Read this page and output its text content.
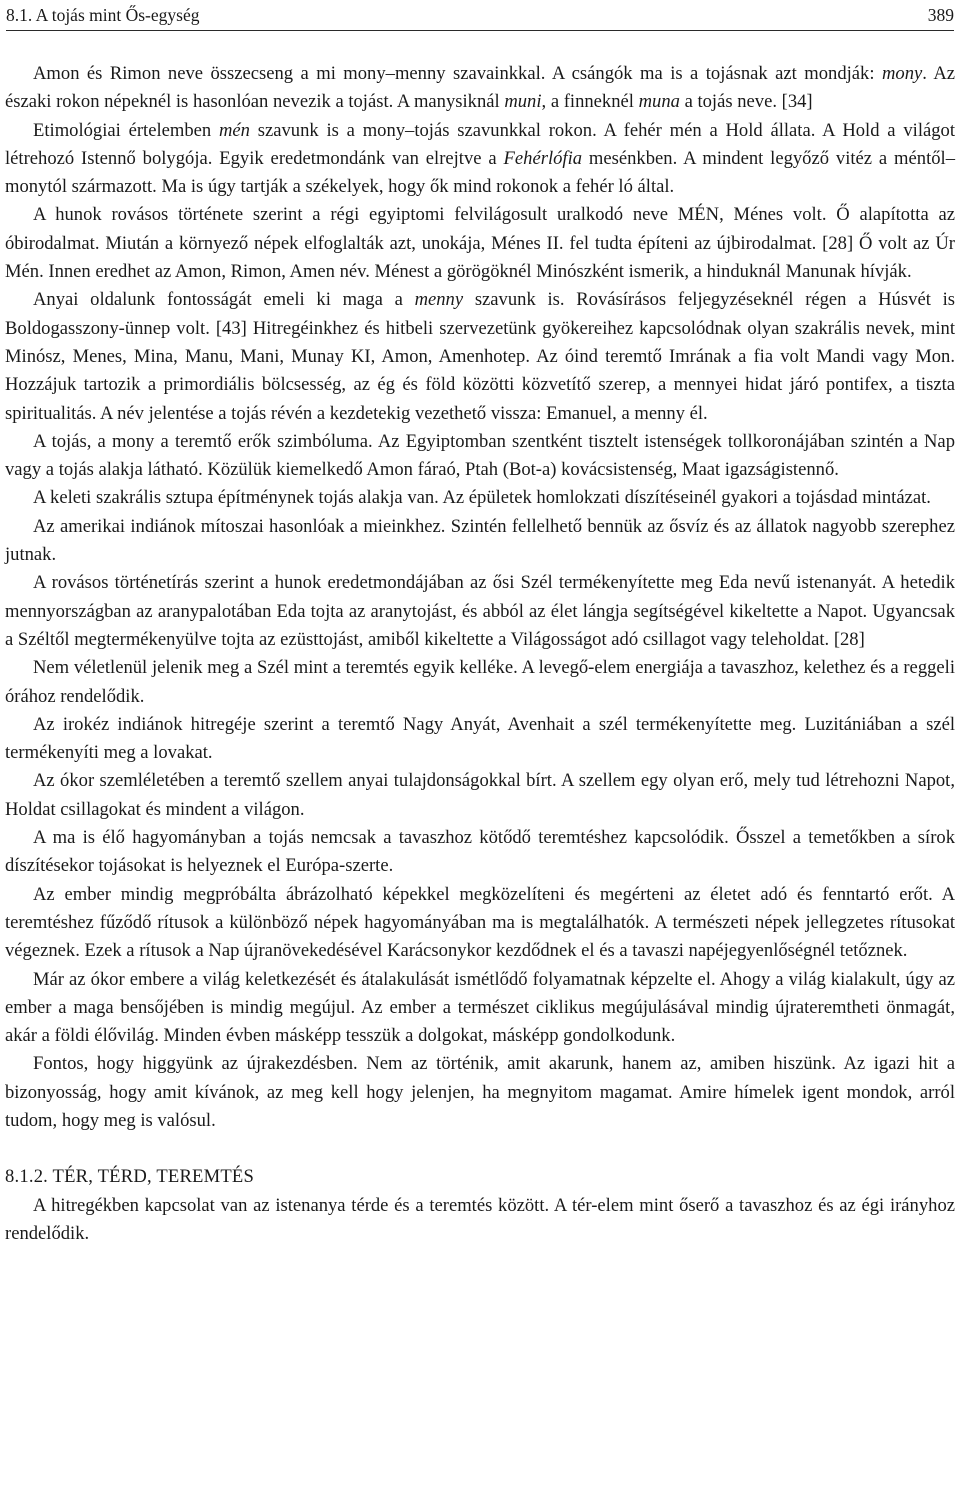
8.1. A tojás mint Ős-egység	389

Amon és Rimon neve összecseng a mi mony–menny szavainkkal. A csángók ma is a tojásnak azt mondják: mony. Az északi rokon népeknél is hasonlóan nevezik a tojást. A manysiknál muni, a finneknél muna a tojás neve. [34]

Etimológiai értelemben mén szavunk is a mony–tojás szavunkkal rokon. A fehér mén a Hold állata. A Hold a világot létrehozó Istennő bolygója. Egyik eredetmondánk van elrejtve a Fehérlófia mesénkben. A mindent legyőző vitéz a méntől–monytól származott. Ma is úgy tartják a székelyek, hogy ők mind rokonok a fehér ló által.

A hunok rovásos története szerint a régi egyiptomi felvilágosult uralkodó neve MÉN, Ménes volt. Ő alapította az óbirodalmat. Miután a környező népek elfoglalták azt, unokája, Ménes II. fel tudta építeni az újbirodalmat. [28] Ő volt az Úr Mén. Innen eredhet az Amon, Rimon, Amen név. Ménest a görögöknél Minószként ismerik, a hinduknál Manunak hívják.

Anyai oldalunk fontosságát emeli ki maga a menny szavunk is. Rovásírásos feljegyzéseknél régen a Húsvét is Boldogasszony-ünnep volt. [43] Hitregéinkhez és hitbeli szervezetünk gyökereihez kapcsolódnak olyan szakrális nevek, mint Minósz, Menes, Mina, Manu, Mani, Munay KI, Amon, Amenhotep. Az óind teremtő Imrának a fia volt Mandi vagy Mon. Hozzájuk tartozik a primordiális bölcsesség, az ég és föld közötti közvetítő szerep, a mennyei hidat járó pontifex, a tiszta spiritualitás. A név jelentése a tojás révén a kezdetekig vezethető vissza: Emanuel, a menny él.

A tojás, a mony a teremtő erők szimbóluma. Az Egyiptomban szentként tisztelt istenségek tollkoronájában szintén a Nap vagy a tojás alakja látható. Közülük kiemelkedő Amon fáraó, Ptah (Bot-a) kovácsistenség, Maat igazságistennő.

A keleti szakrális sztupa építménynek tojás alakja van. Az épületek homlokzati díszítéseinél gyakori a tojásdad mintázat.

Az amerikai indiánok mítoszai hasonlóak a mieinkhez. Szintén fellelhető bennük az ősvíz és az állatok nagyobb szerephez jutnak.

A rovásos történetírás szerint a hunok eredetmondájában az ősi Szél termékenyítette meg Eda nevű istenanyát. A hetedik mennyországban az aranypalotában Eda tojta az aranytojást, és abból az élet lángja segítségével kikeltette a Napot. Ugyancsak a Széltől megtermékenyülve tojta az ezüsttojást, amiből kikeltette a Világosságot adó csillagot vagy teleholdat. [28]

Nem véletlenül jelenik meg a Szél mint a teremtés egyik kelléke. A levegő-elem energiája a tavaszhoz, kelethez és a reggeli órához rendelődik.

Az irokéz indiánok hitregéje szerint a teremtő Nagy Anyát, Avenhait a szél termékenyítette meg. Luzitániában a szél termékenyíti meg a lovakat.

Az ókor szemléletében a teremtő szellem anyai tulajdonságokkal bírt. A szellem egy olyan erő, mely tud létrehozni Napot, Holdat csillagokat és mindent a világon.

A ma is élő hagyományban a tojás nemcsak a tavaszhoz kötődő teremtéshez kapcsolódik. Ősszel a temetőkben a sírok díszítésekor tojásokat is helyeznek el Európa-szerte.

Az ember mindig megpróbálta ábrázolható képekkel megközelíteni és megérteni az életet adó és fenntartó erőt. A teremtéshez fűződő rítusok a különböző népek hagyományában ma is megtalálhatók. A természeti népek jellegzetes rítusokat végeznek. Ezek a rítusok a Nap újranövekedésével Karácsonykor kezdődnek el és a tavaszi napéjegyenlőségnél tetőznek.

Már az ókor embere a világ keletkezését és átalakulását ismétlődő folyamatnak képzelte el. Ahogy a világ kialakult, úgy az ember a maga bensőjében is mindig megújul. Az ember a természet ciklikus megújulásával mindig újrateremtheti önmagát, akár a földi élővilág. Minden évben másképp tesszük a dolgokat, másképp gondolkodunk.

Fontos, hogy higgyünk az újrakezdésben. Nem az történik, amit akarunk, hanem az, amiben hiszünk. Az igazi hit a bizonyosság, hogy amit kívánok, az meg kell hogy jelenjen, ha megnyitom magamat. Amire hímelek igent mondok, arról tudom, hogy meg is valósul.

8.1.2. TÉR, TÉRD, TEREMTÉS

A hitregékben kapcsolat van az istenanya térde és a teremtés között. A tér-elem mint őserő a tavaszhoz és az égi irányhoz rendelődik.
